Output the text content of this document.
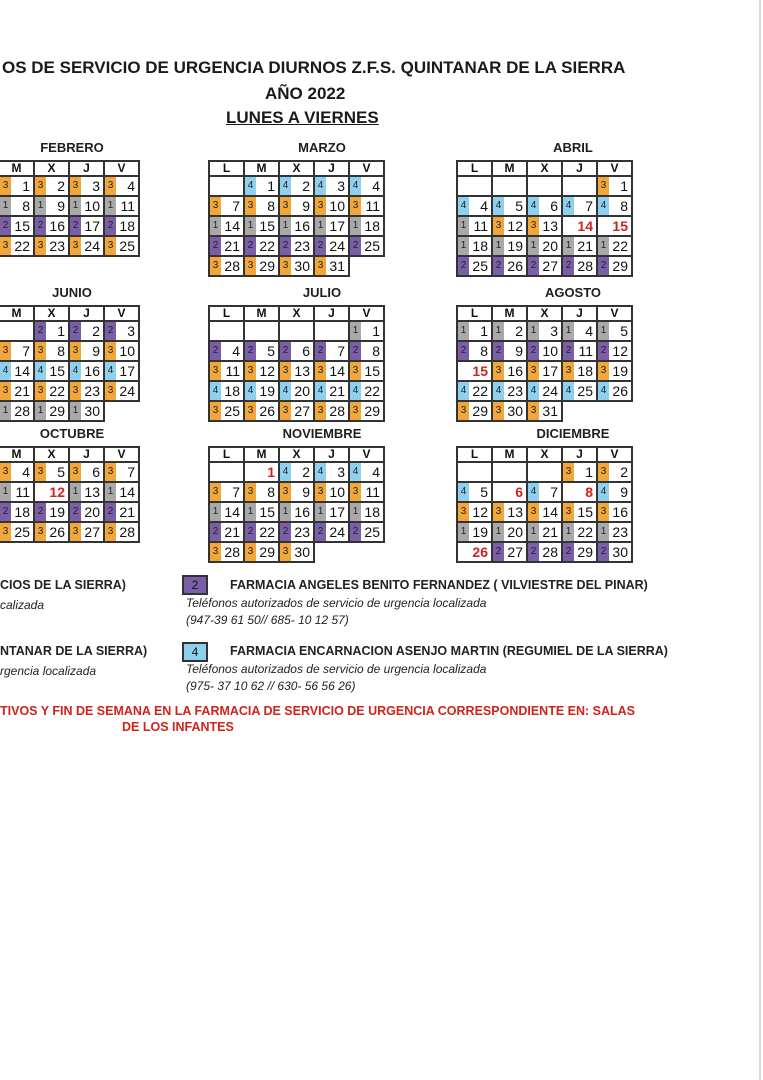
OS DE SERVICIO DE URGENCIA DIURNOS Z.F.S. QUINTANAR DE LA SIERRA
AÑO 2022
LUNES A VIERNES
FEBRERO
M	X	J	V

3 1	3 2	3 3	3 4

1 8	1 9	1 10	1 11

2 15	2 16	2 17	2 18

3 22	3 23	3 24	3 25
MARZO
L	M	X	J	V

	4 1	4 2	4 3	4 4

3 7	3 8	3 9	3 10	3 11

1 14	1 15	1 16	1 17	1 18

2 21	2 22	2 23	2 24	2 25

3 28	3 29	3 30	3 31	

ABRIL
L	M	X	J	V

				3 1

4 4	4 5	4 6	4 7	4 8

1 11	3 12	3 13	14	15

1 18	1 19	1 20	1 21	1 22

2 25	2 26	2 27	2 28	2 29
JUNIO
M	X	J	V

	2 1	2 2	2 3

3 7	3 8	3 9	3 10

4 14	4 15	4 16	4 17

3 21	3 22	3 23	3 24

1 28	1 29	1 30	

JULIO
L	M	X	J	V

				1 1

2 4	2 5	2 6	2 7	2 8

3 11	3 12	3 13	3 14	3 15

4 18	4 19	4 20	4 21	4 22

3 25	3 26	3 27	3 28	3 29
AGOSTO
L	M	X	J	V

1 1	1 2	1 3	1 4	1 5

2 8	2 9	2 10	2 11	2 12

15	3 16	3 17	3 18	3 19

4 22	4 23	4 24	4 25	4 26

3 29	3 30	3 31		

OCTUBRE
M	X	J	V

3 4	3 5	3 6	3 7

1 11	12	1 13	1 14

2 18	2 19	2 20	2 21

3 25	3 26	3 27	3 28
NOVIEMBRE
L	M	X	J	V

	1	4 2	4 3	4 4

3 7	3 8	3 9	3 10	3 11

1 14	1 15	1 16	1 17	1 18

2 21	2 22	2 23	2 24	2 25

3 28	3 29	3 30		

DICIEMBRE
L	M	X	J	V

			3 1	3 2

4 5	6	4 7	8	4 9

3 12	3 13	3 14	3 15	3 16

1 19	1 20	1 21	1 22	1 23

26	2 27	2 28	2 29	2 30
CIOS DE LA SIERRA)
calizada
2	FARMACIA ANGELES BENITO FERNANDEZ ( VILVIESTRE DEL PINAR)
Teléfonos autorizados de servicio de urgencia localizada
(947-39 61 50// 685- 10 12 57)
NTANAR DE LA SIERRA)
rgencia localizada
4	FARMACIA ENCARNACION ASENJO MARTIN (REGUMIEL DE LA SIERRA)
Teléfonos autorizados de servicio de urgencia localizada
(975- 37 10 62 // 630- 56 56 26)
TIVOS Y FIN DE SEMANA EN LA FARMACIA DE SERVICIO DE URGENCIA CORRESPONDIENTE EN: SALAS
DE LOS INFANTES
